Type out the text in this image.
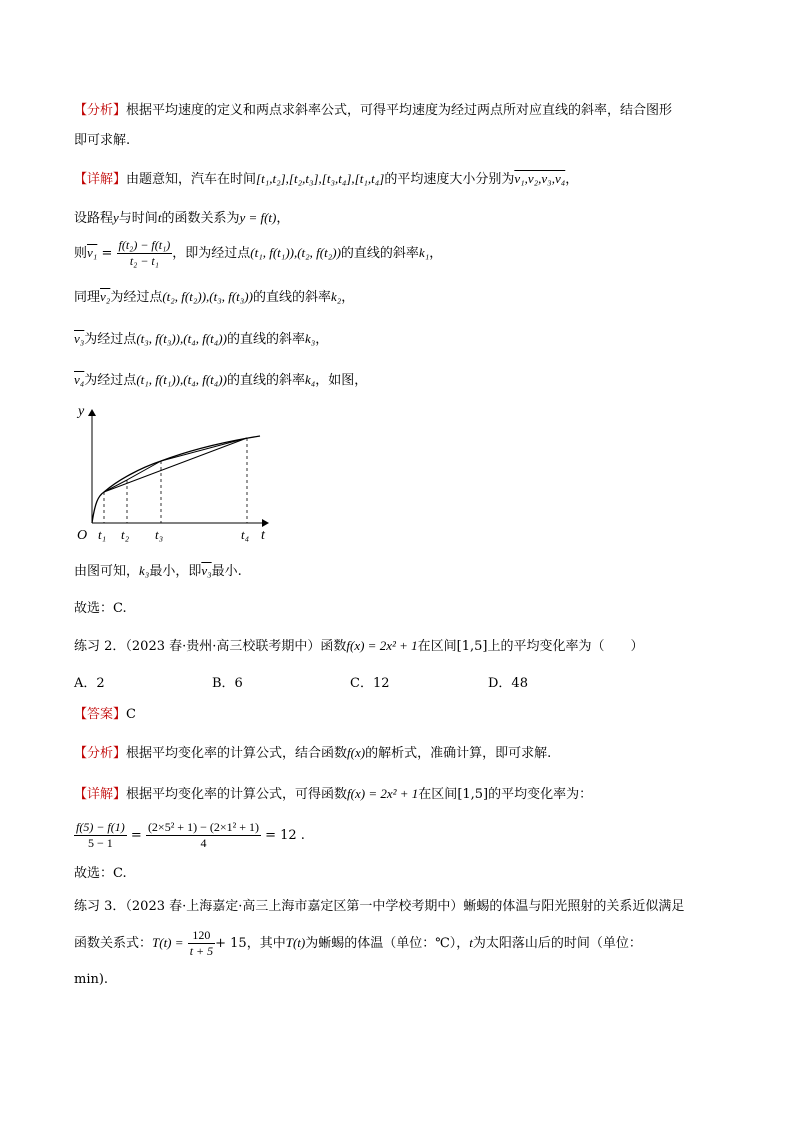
【分析】根据平均速度的定义和两点求斜率公式，可得平均速度为经过两点所对应直线的斜率，结合图形
即可求解.
【详解】由题意知，汽车在时间[t₁,t₂],[t₂,t₃],[t₃,t₄],[t₁,t₄]的平均速度大小分别为v₁,v₂,v₃,v₄，
设路程y与时间t的函数关系为y = f(t)，
则$v_1 = \frac{\text{f(t₂) − f(t₁)}}{\text{t₂ − t₁}}$ ，即为经过点(t₁, f(t₁)),(t₂, f(t₂))的直线的斜率k₁，
同理v₂为经过点(t₂, f(t₂)),(t₃, f(t₃))的直线的斜率k₂，
v₃为经过点(t₃, f(t₃)),(t₄, f(t₄))的直线的斜率k₃，
v₄为经过点(t₁, f(t₁)),(t₄, f(t₄))的直线的斜率k₄，如图，
y
O	t
t₁ t₂ t₃	t₄
由图可知，k₃最小，即v₃最小.
故选：C.
练习 2．（2023 春·贵州·高三校联考期中）函数f(x) = 2x² + 1在区间[1,5]上的平均变化率为（　　）
A．2	B．6	C．12	D．48
【答案】C
【分析】根据平均变化率的计算公式，结合函数f(x)的解析式，准确计算，即可求解.
【详解】根据平均变化率的计算公式，可得函数f(x) = 2x² + 1在区间[1,5]的平均变化率为：
$\frac{f(5) - f(1)}{5 - 1} = \frac{\text{(2×5² + 1) − (2×1² + 1)}}{4} = 12$ .
故选：C.
练习 3．（2023 春·上海嘉定·高三上海市嘉定区第一中学校考期中）蜥蜴的体温与阳光照射的关系近似满足
函数关系式：$T(t) = \frac{120}{t + 5} + 15$，其中T(t)为蜥蜴的体温（单位：℃），t为太阳落山后的时间（单位：
min).
